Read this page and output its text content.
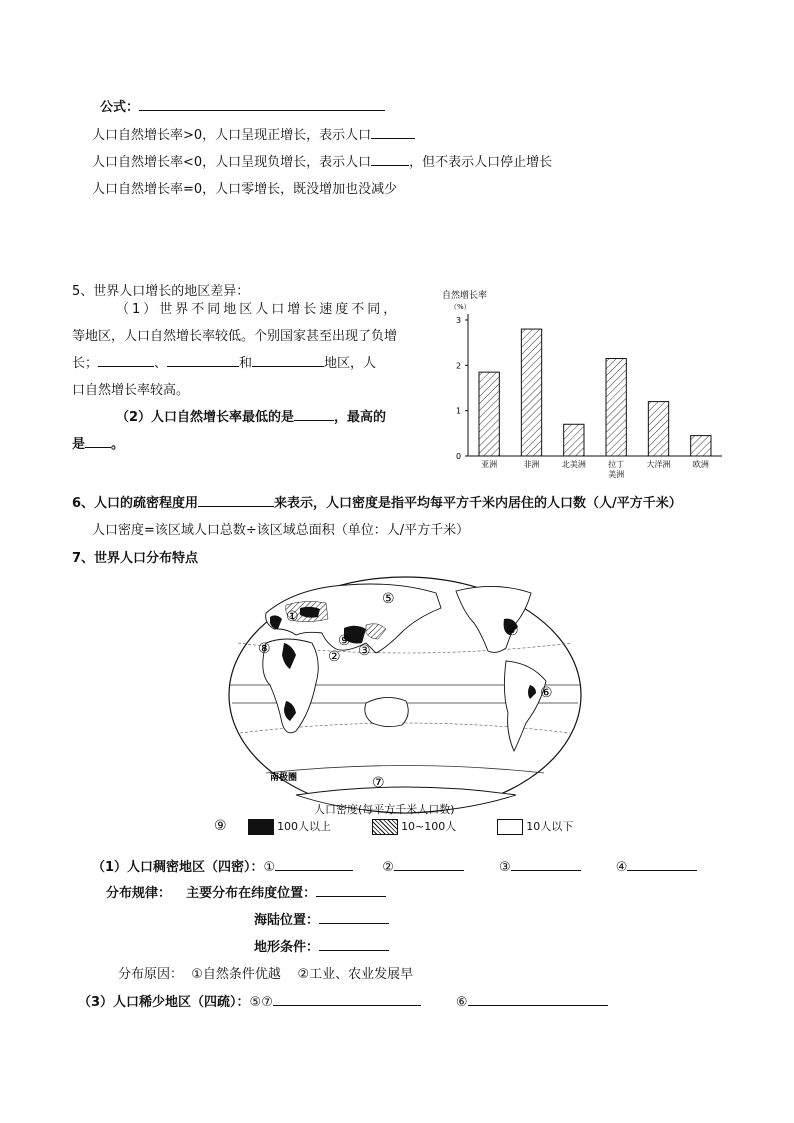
公式：
人口自然增长率>0，人口呈现正增长，表示人口
人口自然增长率<0，人口呈现负增长，表示人口	，但不表示人口停止增长
人口自然增长率=0，人口零增长，既没增加也没减少
5、世界人口增长的地区差异：
（1）世界不同地区人口增长速度不同，
等地区，人口自然增长率较低。个别国家甚至出现了负增
长；	、	和	地区，人
口自然增长率较高。
（2）人口自然增长率最低的是	，最高的
是 。
自然增长率
（%）
0
1
2
3
亚洲	非洲	北美洲	拉丁
美洲
大洋洲	欧洲
6、人口的疏密程度用	来表示，人口密度是指平均每平方千米内居住的人口数（人/平方千米）
人口密度=该区域人口总数÷该区域总面积（单位：人/平方千米）
7、世界人口分布特点
南极圈
①
② ③
④
⑤
⑥
⑦
⑧	⑨
人口密度(每平方千米人口数)
⑨	100人以上	10~100人	10人以下
（1）人口稠密地区（四密）：①	②	③	④
分布规律： 主要分布在纬度位置：
海陆位置：
地形条件：
分布原因：  ①自然条件优越    ②工业、农业发展早
（3）人口稀少地区（四疏）：⑤⑦	⑥
